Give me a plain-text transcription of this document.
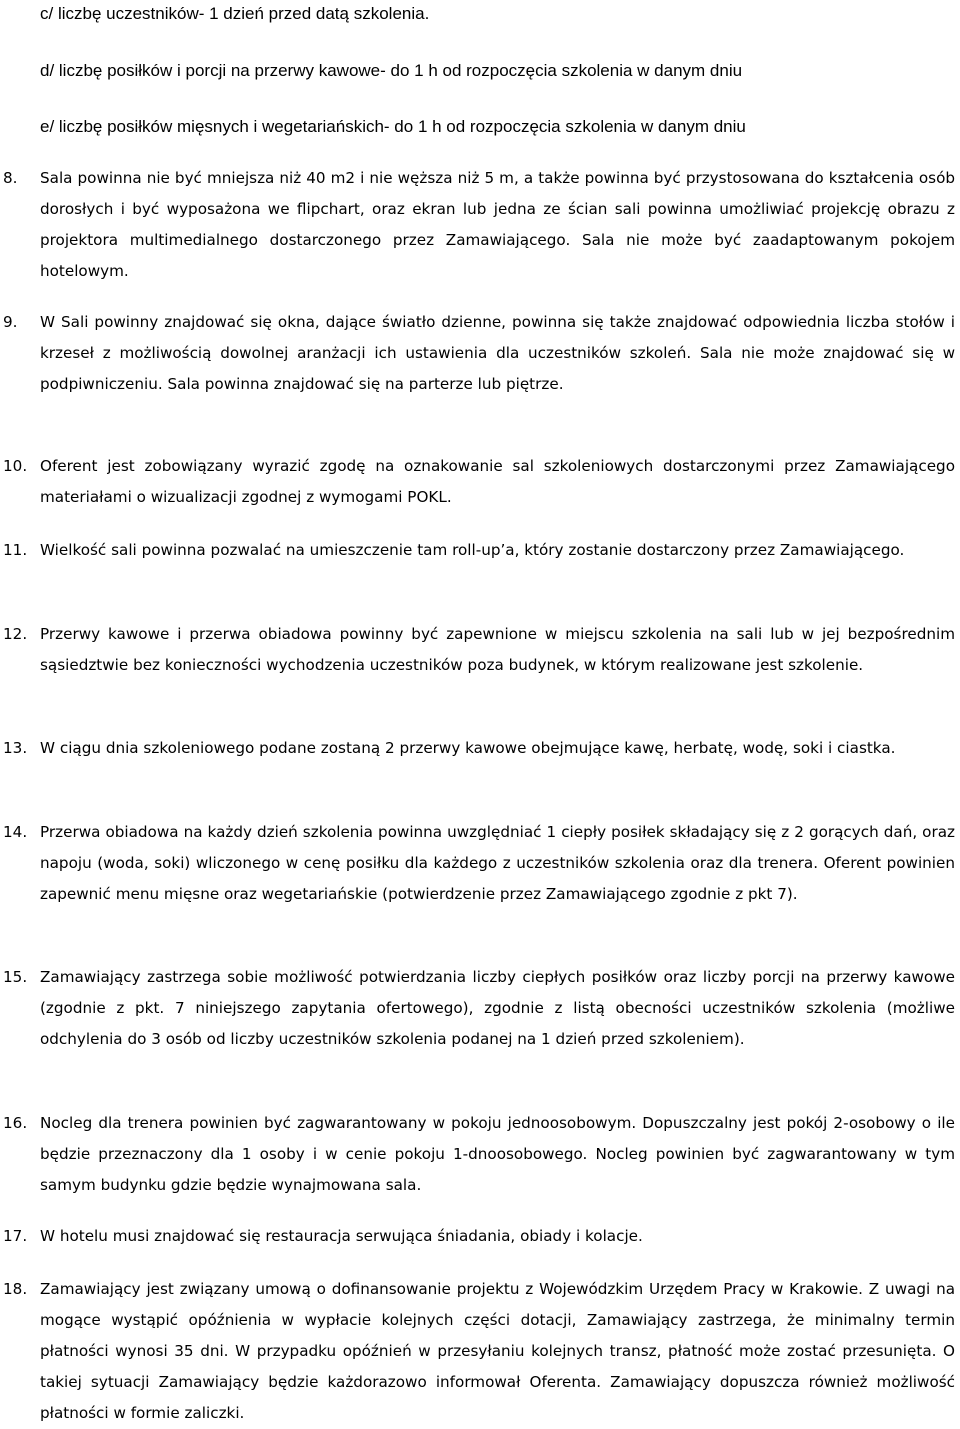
c/ liczbę uczestników- 1 dzień przed datą szkolenia.
d/ liczbę posiłków i porcji na przerwy kawowe- do 1 h od rozpoczęcia szkolenia w danym dniu
e/ liczbę posiłków mięsnych i wegetariańskich- do 1 h od rozpoczęcia szkolenia w danym dniu
8.	Sala powinna nie być mniejsza niż 40 m2 i nie węższa niż 5 m, a także powinna być przystosowana do kształcenia osób dorosłych i być wyposażona we flipchart, oraz ekran lub jedna ze ścian sali powinna umożliwiać projekcję obrazu z projektora multimedialnego dostarczonego przez Zamawiającego. Sala nie może być zaadaptowanym pokojem hotelowym.
9.	W Sali powinny znajdować się okna, dające światło dzienne, powinna się także znajdować odpowiednia liczba stołów i krzeseł z możliwością dowolnej aranżacji ich ustawienia dla uczestników szkoleń. Sala nie może znajdować się w podpiwniczeniu. Sala powinna znajdować się na parterze lub piętrze.
10. Oferent jest zobowiązany wyrazić zgodę na oznakowanie sal szkoleniowych dostarczonymi przez Zamawiającego materiałami o wizualizacji zgodnej z wymogami POKL.
11. Wielkość sali powinna pozwalać na umieszczenie tam roll-up’a, który zostanie dostarczony przez Zamawiającego.
12. Przerwy kawowe i przerwa obiadowa powinny być zapewnione w miejscu szkolenia na sali lub w jej bezpośrednim sąsiedztwie bez konieczności wychodzenia uczestników poza budynek, w którym realizowane jest szkolenie.
13. W ciągu dnia szkoleniowego podane zostaną 2 przerwy kawowe obejmujące kawę, herbatę, wodę, soki i ciastka.
14. Przerwa obiadowa na każdy dzień szkolenia powinna uwzględniać 1 ciepły posiłek składający się z 2 gorących dań, oraz napoju (woda, soki) wliczonego w cenę posiłku dla każdego z uczestników szkolenia oraz dla trenera. Oferent powinien zapewnić menu mięsne oraz wegetariańskie (potwierdzenie przez Zamawiającego zgodnie z pkt 7).
15. Zamawiający zastrzega sobie możliwość potwierdzania liczby ciepłych posiłków oraz liczby porcji na przerwy kawowe (zgodnie z pkt. 7 niniejszego zapytania ofertowego), zgodnie z listą obecności uczestników szkolenia (możliwe odchylenia do 3 osób od liczby uczestników szkolenia podanej na 1 dzień przed szkoleniem).
16. Nocleg dla trenera powinien być zagwarantowany w pokoju jednoosobowym. Dopuszczalny jest pokój 2-osobowy o ile będzie przeznaczony dla 1 osoby i w cenie pokoju 1-dnoosobowego. Nocleg powinien być zagwarantowany w tym samym budynku gdzie będzie wynajmowana sala.
17. W hotelu musi znajdować się restauracja serwująca śniadania, obiady i kolacje.
18. Zamawiający jest związany umową o dofinansowanie projektu z Wojewódzkim Urzędem Pracy w Krakowie. Z uwagi na mogące wystąpić opóźnienia w wypłacie kolejnych części dotacji, Zamawiający zastrzega, że minimalny termin płatności wynosi 35 dni. W przypadku opóźnień w przesyłaniu kolejnych transz, płatność może zostać przesunięta. O takiej sytuacji Zamawiający będzie każdorazowo informował Oferenta. Zamawiający dopuszcza również możliwość płatności w formie zaliczki.
